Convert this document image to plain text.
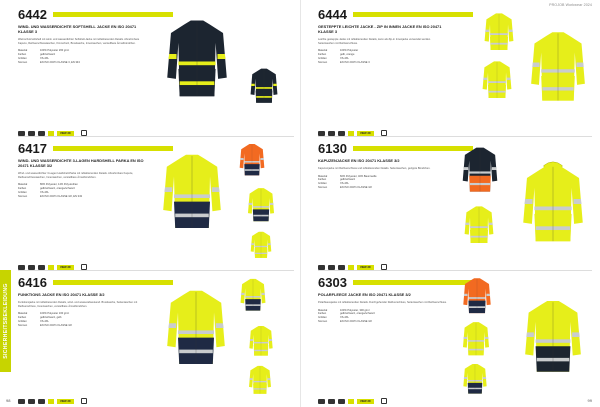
SICHERHEITSBEKLEIDUNG
98
PROJOB Workwear 2024
99
6442
WIND- UND WASSERDICHTE SOFTSHELL JACKE EN ISO 20471 KLASSE 3
Warnschutzsoftshell mit wind- und wasserdichter Softshell-Jacke mit reflektierenden Details. Abnehmbare Kapuze, Reißverschlusstaschen, Kinnschutz, Brusttasche, Innentaschen, verstellbare Ärmelbündchen.
Material	100% Polyester 260 g/m²
Farben	gelb/schwarz
Größen	XS-4XL
Normen	EN ISO 20471 KLASSE 3, EN 343
VIEW 3D
6417
WIND- UND WASSERDICHTE 3-LAGEN HARDSHELL PARKA EN ISO 20471 KLASSE 3/2
Wind- und wasserdichter 3-Lagen Hardshell-Parka mit reflektierenden Details. Abnehmbare Kapuze, Reißverschlusstaschen, Innentaschen, verstellbare Ärmelbündchen.
Material	86% Polyester, 14% Polyurethan
Farben	gelb/schwarz, orange/schwarz
Größen	XS-4XL
Normen	EN ISO 20471 KLASSE 3/2, EN 343
VIEW 3D
6416
FUNKTIONS JACKE EN ISO 20471 KLASSE 3/2
Funktionsjacke mit reflektierenden Details, wind- und wasserabweisend. Brusttasche, Seitentaschen mit Reißverschluss, Innentaschen, verstellbare Ärmelbündchen.
Material	100% Polyester 160 g/m²
Farben	gelb/schwarz, gelb
Größen	XS-4XL
Normen	EN ISO 20471 KLASSE 3/2
VIEW 3D
6444
GESTEPPTE LEICHTE JACKE - ZIP IN INNEN JACKE EN ISO 20471 KLASSE 3
Leichte gesteppte Jacke mit reflektierenden Details, kann als Zip-in Innenjacke verwendet werden. Seitentaschen mit Reißverschluss.
Material	100% Polyester
Farben	gelb, orange
Größen	XS-4XL
Normen	EN ISO 20471 KLASSE 3
VIEW 3D
6130
KAPUZENJACKE EN ISO 20471 KLASSE 3/2
Kapuzenjacke mit Reißverschluss und reflektierenden Details. Seitentaschen, gerippte Bündchen.
Material	60% Polyester, 40% Baumwolle
Farben	gelb/schwarz
Größen	XS-4XL
Normen	EN ISO 20471 KLASSE 3/2
VIEW 3D
6303
POLARFLEECE JACKE EN ISO 20471 KLASSE 3/2
Polarfleecejacke mit reflektierenden Details. Durchgehender Reißverschluss, Seitentaschen mit Reißverschluss.
Material	100% Polyester, 300 g/m²
Farben	gelb/schwarz, orange/schwarz
Größen	XS-4XL
Normen	EN ISO 20471 KLASSE 3/2
VIEW 3D
